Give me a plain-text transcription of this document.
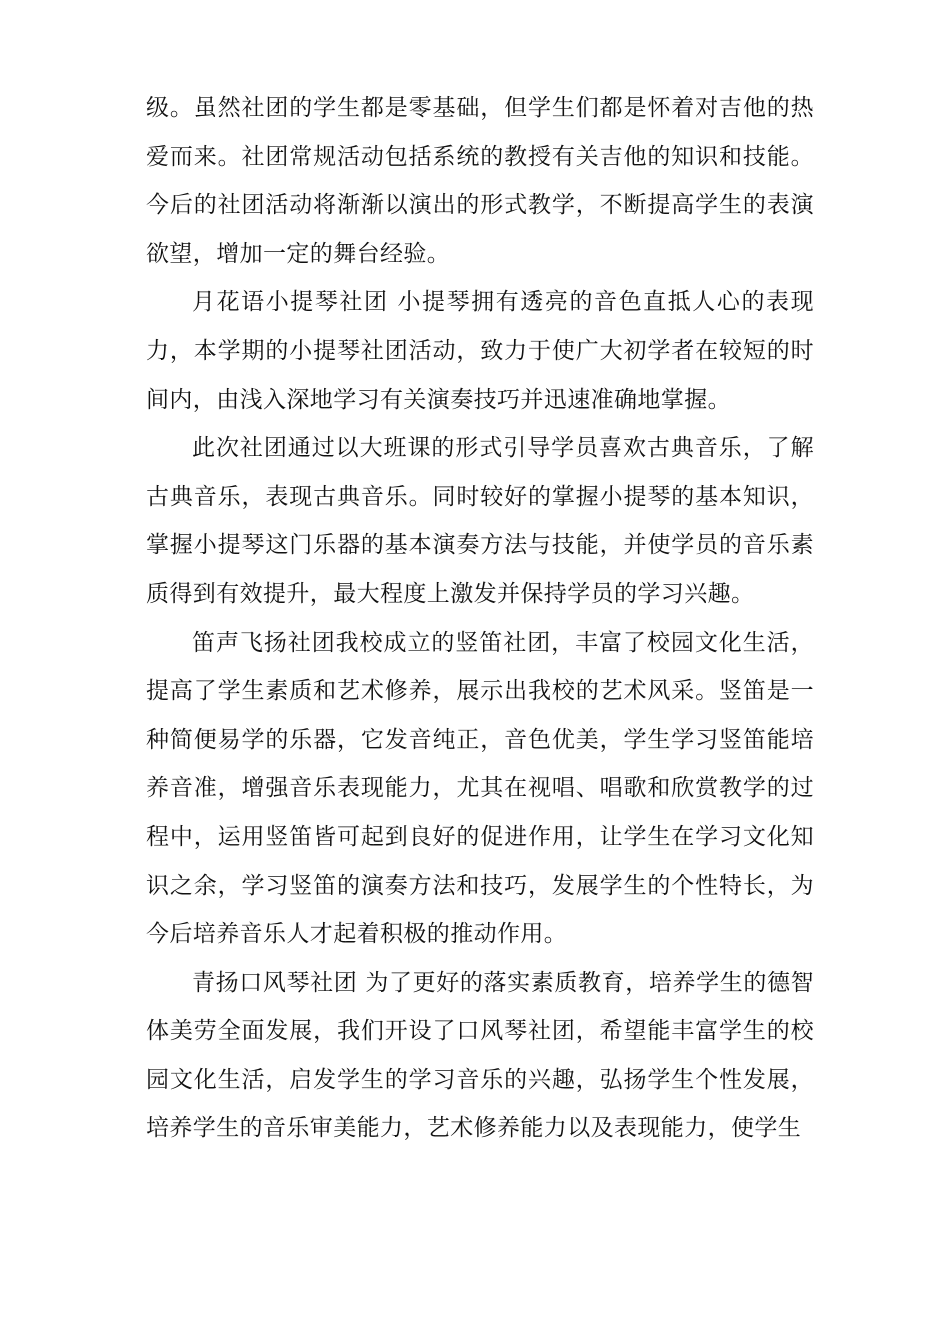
级。虽然社团的学生都是零基础，但学生们都是怀着对吉他的热爱而来。社团常规活动包括系统的教授有关吉他的知识和技能。今后的社团活动将渐渐以演出的形式教学，不断提高学生的表演欲望，增加一定的舞台经验。

月花语小提琴社团 小提琴拥有透亮的音色直抵人心的表现力，本学期的小提琴社团活动，致力于使广大初学者在较短的时间内，由浅入深地学习有关演奏技巧并迅速准确地掌握。

此次社团通过以大班课的形式引导学员喜欢古典音乐，了解古典音乐，表现古典音乐。同时较好的掌握小提琴的基本知识，掌握小提琴这门乐器的基本演奏方法与技能，并使学员的音乐素质得到有效提升，最大程度上激发并保持学员的学习兴趣。

笛声飞扬社团我校成立的竖笛社团，丰富了校园文化生活，提高了学生素质和艺术修养，展示出我校的艺术风采。竖笛是一种简便易学的乐器，它发音纯正，音色优美，学生学习竖笛能培养音准，增强音乐表现能力，尤其在视唱、唱歌和欣赏教学的过程中，运用竖笛皆可起到良好的促进作用，让学生在学习文化知识之余，学习竖笛的演奏方法和技巧，发展学生的个性特长，为今后培养音乐人才起着积极的推动作用。

青扬口风琴社团 为了更好的落实素质教育，培养学生的德智体美劳全面发展，我们开设了口风琴社团，希望能丰富学生的校园文化生活，启发学生的学习音乐的兴趣，弘扬学生个性发展，培养学生的音乐审美能力，艺术修养能力以及表现能力，使学生
